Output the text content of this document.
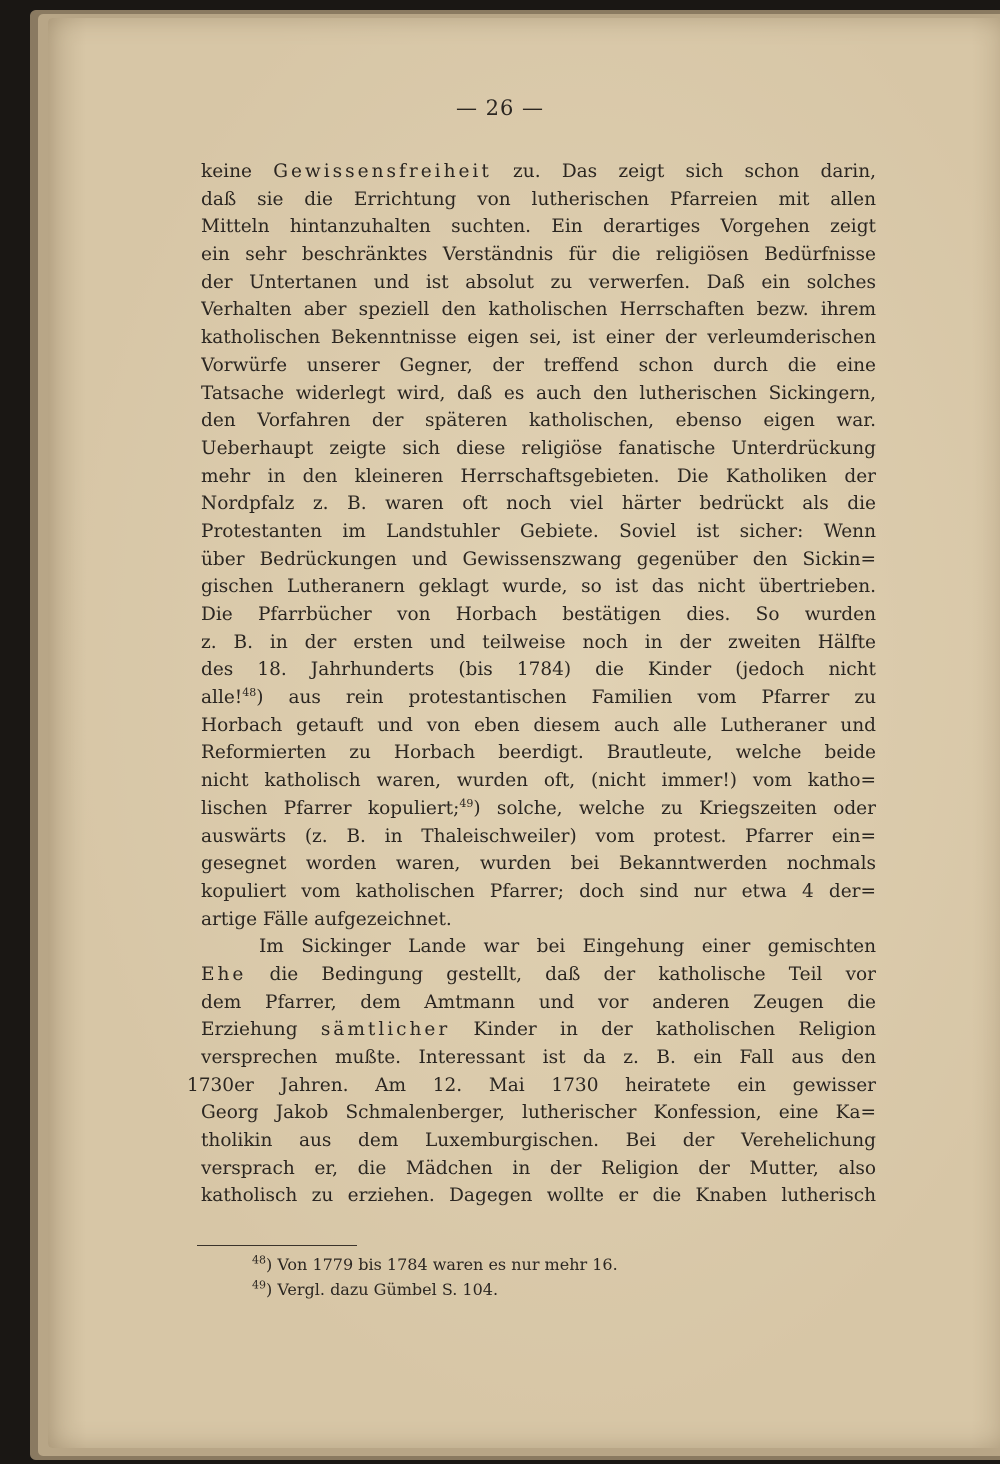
— 26 —
keine Gewissensfreiheit zu. Das zeigt sich schon darin,
daß sie die Errichtung von lutherischen Pfarreien mit allen
Mitteln hintanzuhalten suchten. Ein derartiges Vorgehen zeigt
ein sehr beschränktes Verständnis für die religiösen Bedürfnisse
der Untertanen und ist absolut zu verwerfen. Daß ein solches
Verhalten aber speziell den katholischen Herrschaften bezw. ihrem
katholischen Bekenntnisse eigen sei, ist einer der verleumderischen
Vorwürfe unserer Gegner, der treffend schon durch die eine
Tatsache widerlegt wird, daß es auch den lutherischen Sickingern,
den Vorfahren der späteren katholischen, ebenso eigen war.
Ueberhaupt zeigte sich diese religiöse fanatische Unterdrückung
mehr in den kleineren Herrschaftsgebieten. Die Katholiken der
Nordpfalz z. B. waren oft noch viel härter bedrückt als die
Protestanten im Landstuhler Gebiete. Soviel ist sicher: Wenn
über Bedrückungen und Gewissenszwang gegenüber den Sickin=
gischen Lutheranern geklagt wurde, so ist das nicht übertrieben.
Die Pfarrbücher von Horbach bestätigen dies. So wurden
z. B. in der ersten und teilweise noch in der zweiten Hälfte
des 18. Jahrhunderts (bis 1784) die Kinder (jedoch nicht
alle!$^{48}$) aus rein protestantischen Familien vom Pfarrer zu
Horbach getauft und von eben diesem auch alle Lutheraner und
Reformierten zu Horbach beerdigt. Brautleute, welche beide
nicht katholisch waren, wurden oft, (nicht immer!) vom katho=
lischen Pfarrer kopuliert;$^{49}$) solche, welche zu Kriegszeiten oder
auswärts (z. B. in Thaleischweiler) vom protest. Pfarrer ein=
gesegnet worden waren, wurden bei Bekanntwerden nochmals
kopuliert vom katholischen Pfarrer; doch sind nur etwa 4 der=
artige Fälle aufgezeichnet.
Im Sickinger Lande war bei Eingehung einer gemischten
Ehe die Bedingung gestellt, daß der katholische Teil vor
dem Pfarrer, dem Amtmann und vor anderen Zeugen die
Erziehung sämtlicher Kinder in der katholischen Religion
versprechen mußte. Interessant ist da z. B. ein Fall aus den
1730er Jahren. Am 12. Mai 1730 heiratete ein gewisser
Georg Jakob Schmalenberger, lutherischer Konfession, eine Ka=
tholikin aus dem Luxemburgischen. Bei der Verehelichung
versprach er, die Mädchen in der Religion der Mutter, also
katholisch zu erziehen. Dagegen wollte er die Knaben lutherisch
$^{48}$) Von 1779 bis 1784 waren es nur mehr 16.
$^{49}$) Vergl. dazu Gümbel S. 104.
